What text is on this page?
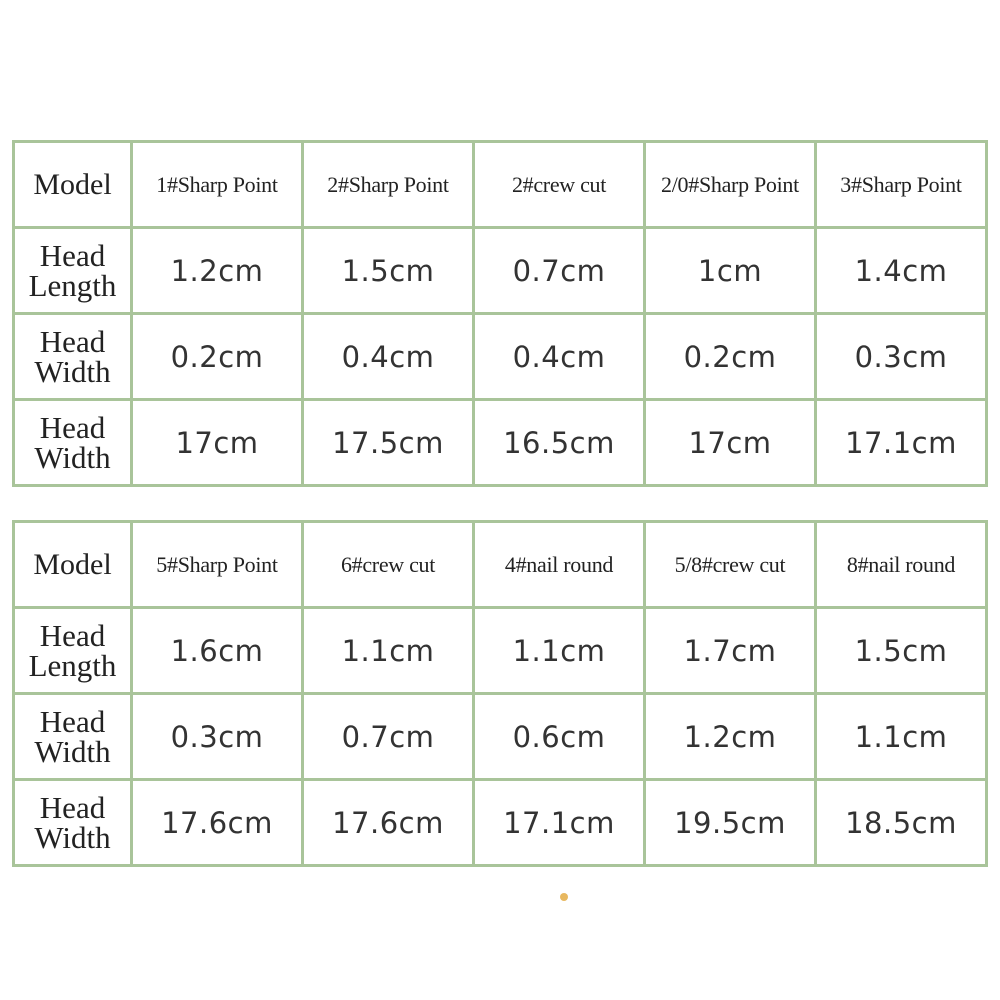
Model	1#Sharp Point	2#Sharp Point	2#crew cut	2/0#Sharp Point	3#Sharp Point

Head
Length	1.2cm	1.5cm	0.7cm	1cm	1.4cm

Head
Width	0.2cm	0.4cm	0.4cm	0.2cm	0.3cm

Head
Width	17cm	17.5cm	16.5cm	17cm	17.1cm
Model	5#Sharp Point	6#crew cut	4#nail round	5/8#crew cut	8#nail round

Head
Length	1.6cm	1.1cm	1.1cm	1.7cm	1.5cm

Head
Width	0.3cm	0.7cm	0.6cm	1.2cm	1.1cm

Head
Width	17.6cm	17.6cm	17.1cm	19.5cm	18.5cm
